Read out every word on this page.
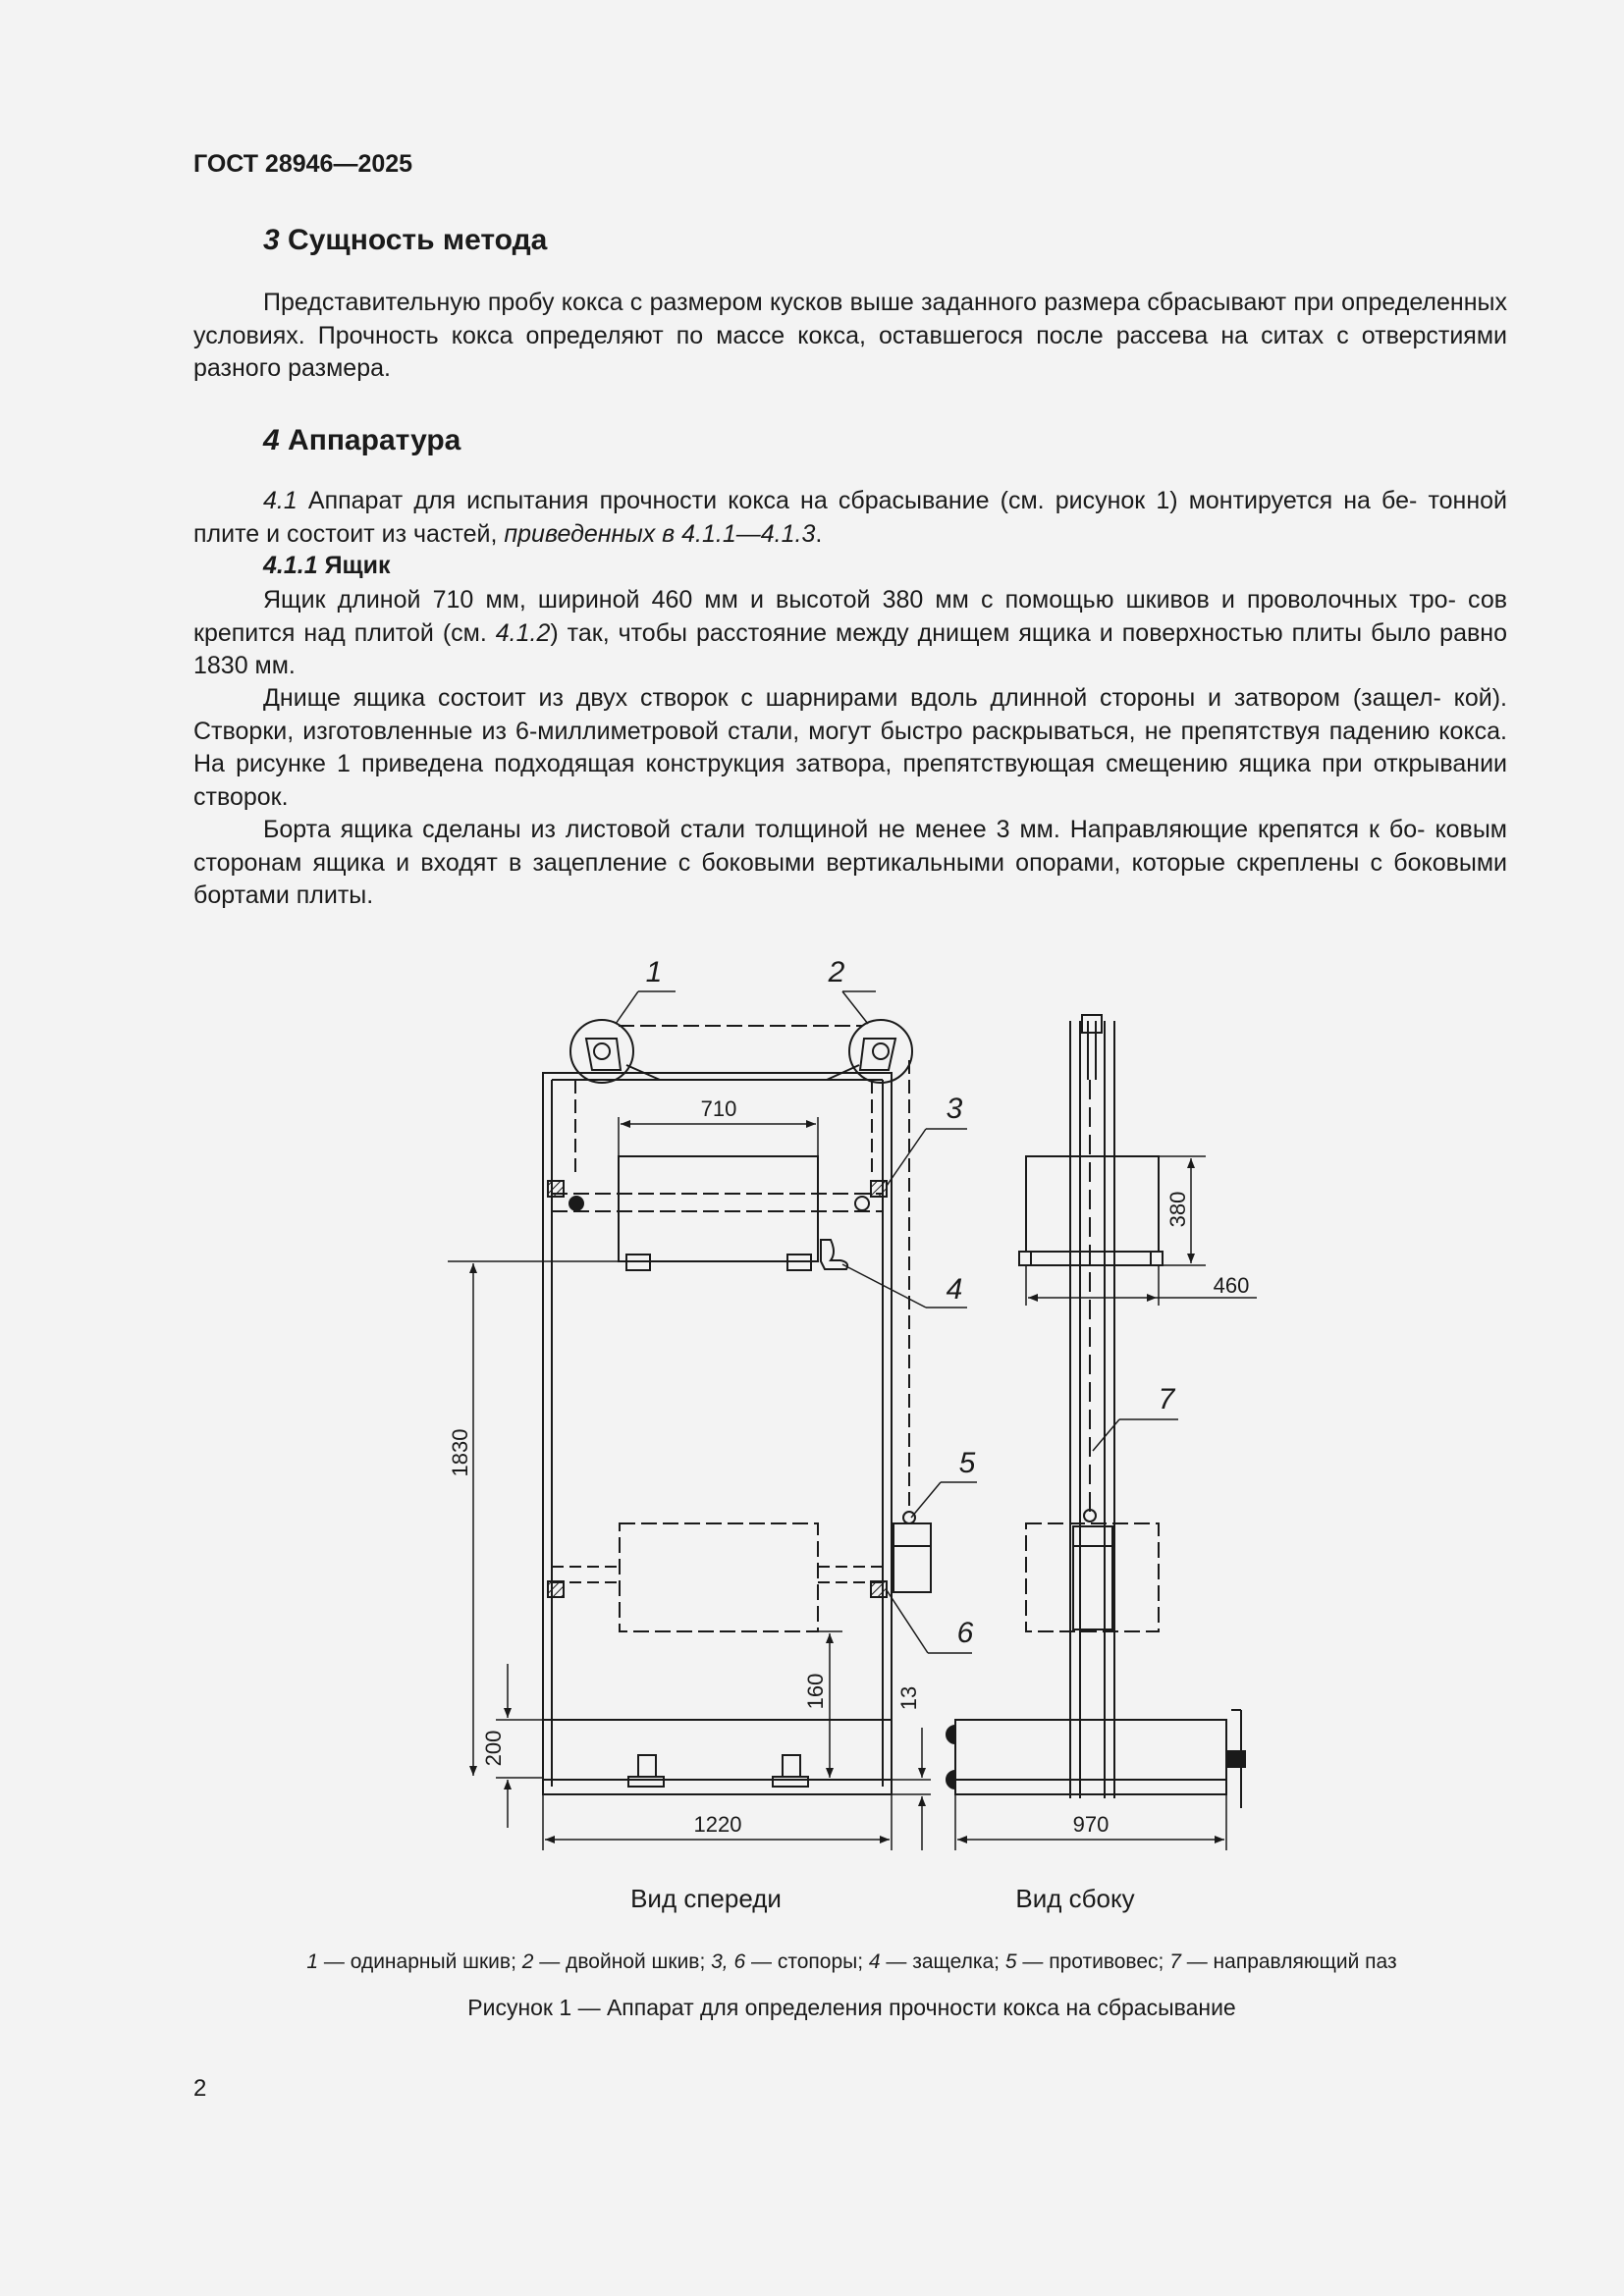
ГОСТ 28946—2025
3 Сущность метода
Представительную пробу кокса с размером кусков выше заданного размера сбрасывают при определенных условиях. Прочность кокса определяют по массе кокса, оставшегося после рассева на ситах с отверстиями разного размера.
4 Аппаратура
4.1 Аппарат для испытания прочности кокса на сбрасывание (см. рисунок 1) монтируется на бе- тонной плите и состоит из частей, приведенных в 4.1.1—4.1.3.
4.1.1 Ящик
Ящик длиной 710 мм, шириной 460 мм и высотой 380 мм с помощью шкивов и проволочных тро- сов крепится над плитой (см. 4.1.2) так, чтобы расстояние между днищем ящика и поверхностью плиты было равно 1830 мм.
Днище ящика состоит из двух створок с шарнирами вдоль длинной стороны и затвором (защел- кой). Створки, изготовленные из 6-миллиметровой стали, могут быстро раскрываться, не препятствуя падению кокса. На рисунке 1 приведена подходящая конструкция затвора, препятствующая смещению ящика при открывании створок.
Борта ящика сделаны из листовой стали толщиной не менее 3 мм. Направляющие крепятся к бо- ковым сторонам ящика и входят в зацепление с боковыми вертикальными опорами, которые скреплены с боковыми бортами плиты.
710
1830
200
160	13
1220	970
380
460
1	2
3
4
5
6
7
Вид спереди	Вид сбоку
1 — одинарный шкив; 2 — двойной шкив; 3, 6 — стопоры; 4 — защелка; 5 — противовес; 7 — направляющий паз
Рисунок 1 — Аппарат для определения прочности кокса на сбрасывание
2
